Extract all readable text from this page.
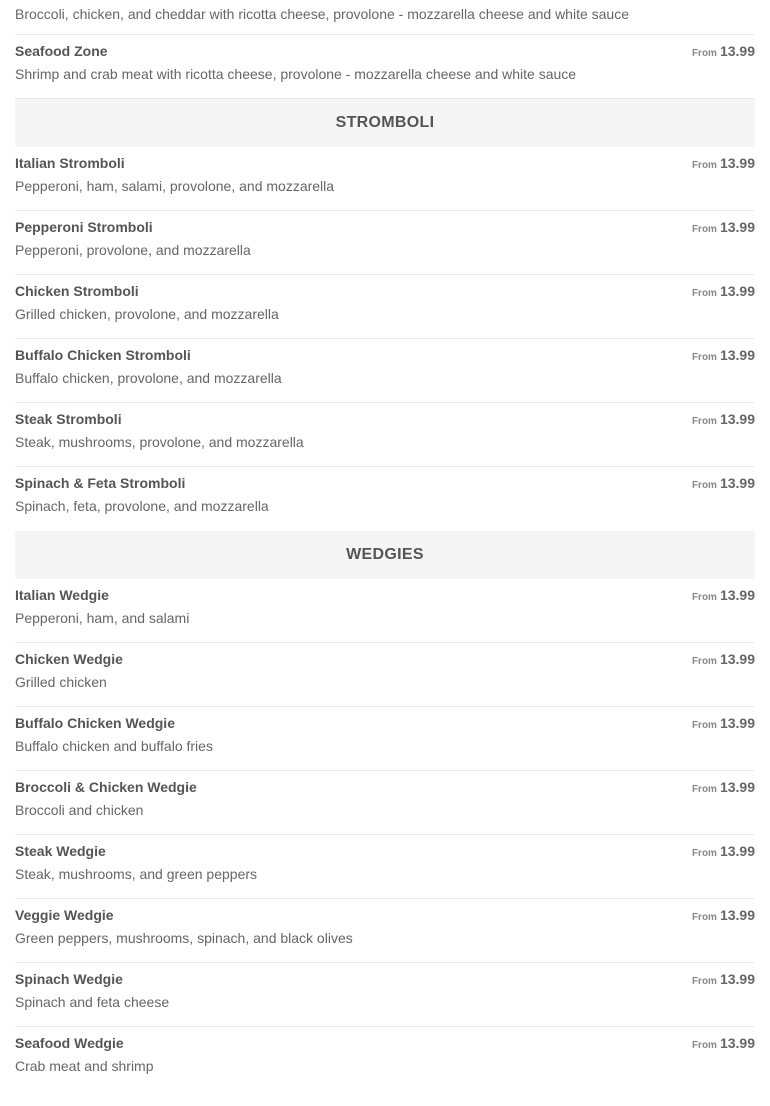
Broccoli, chicken, and cheddar with ricotta cheese, provolone - mozzarella cheese and white sauce
Seafood Zone
Shrimp and crab meat with ricotta cheese, provolone - mozzarella cheese and white sauce
From 13.99
STROMBOLI
Italian Stromboli
Pepperoni, ham, salami, provolone, and mozzarella
From 13.99
Pepperoni Stromboli
Pepperoni, provolone, and mozzarella
From 13.99
Chicken Stromboli
Grilled chicken, provolone, and mozzarella
From 13.99
Buffalo Chicken Stromboli
Buffalo chicken, provolone, and mozzarella
From 13.99
Steak Stromboli
Steak, mushrooms, provolone, and mozzarella
From 13.99
Spinach & Feta Stromboli
Spinach, feta, provolone, and mozzarella
From 13.99
WEDGIES
Italian Wedgie
Pepperoni, ham, and salami
From 13.99
Chicken Wedgie
Grilled chicken
From 13.99
Buffalo Chicken Wedgie
Buffalo chicken and buffalo fries
From 13.99
Broccoli & Chicken Wedgie
Broccoli and chicken
From 13.99
Steak Wedgie
Steak, mushrooms, and green peppers
From 13.99
Veggie Wedgie
Green peppers, mushrooms, spinach, and black olives
From 13.99
Spinach Wedgie
Spinach and feta cheese
From 13.99
Seafood Wedgie
Crab meat and shrimp
From 13.99
